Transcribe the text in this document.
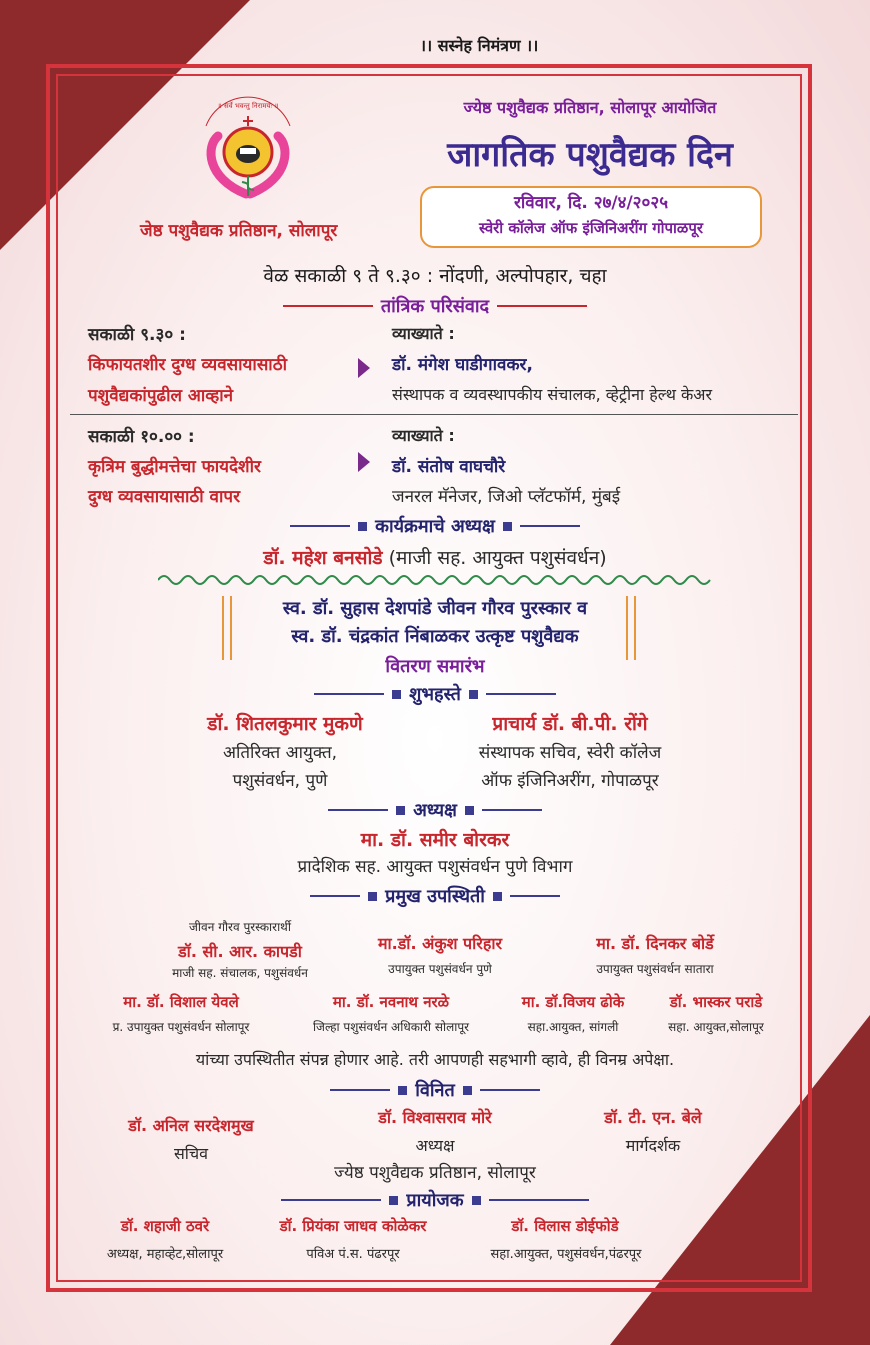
।। सस्नेह निमंत्रण ।।
॥ सर्वे भवन्तु निरामयः ॥
जेष्ठ पशुवैद्यक प्रतिष्ठान, सोलापूर
ज्येष्ठ पशुवैद्यक प्रतिष्ठान, सोलापूर आयोजित
जागतिक पशुवैद्यक दिन
रविवार, दि. २७/४/२०२५
स्वेरी कॉलेज ऑफ इंजिनिअरींग गोपाळपूर
वेळ सकाळी ९ ते ९.३० : नोंदणी, अल्पोपहार, चहा
तांत्रिक परिसंवाद
सकाळी ९.३० :
किफायतशीर दुग्ध व्यवसायासाठी
पशुवैद्यकांपुढील आव्हाने
व्याख्याते :
डॉ. मंगेश घाडीगावकर,
संस्थापक व व्यवस्थापकीय संचालक, व्हेट्रीना हेल्थ केअर
सकाळी १०.०० :
कृत्रिम बुद्धीमत्तेचा फायदेशीर
दुग्ध व्यवसायासाठी वापर
व्याख्याते :
डॉ. संतोष वाघचौरे
जनरल मॅनेजर, जिओ प्लॅटफॉर्म, मुंबई
कार्यक्रमाचे अध्यक्ष
डॉ. महेश बनसोडे (माजी सह. आयुक्त पशुसंवर्धन)
स्व. डॉ. सुहास देशपांडे जीवन गौरव पुरस्कार व
स्व. डॉ. चंद्रकांत निंबाळकर उत्कृष्ट पशुवैद्यक
वितरण समारंभ
शुभहस्ते
डॉ. शितलकुमार मुकणे
अतिरिक्त आयुक्त,
पशुसंवर्धन, पुणे
प्राचार्य डॉ. बी.पी. रोंगे
संस्थापक सचिव, स्वेरी कॉलेज
ऑफ इंजिनिअरींग, गोपाळपूर
अध्यक्ष
मा. डॉ. समीर बोरकर
प्रादेशिक सह. आयुक्त पशुसंवर्धन पुणे विभाग
प्रमुख उपस्थिती
जीवन गौरव पुरस्कारार्थी
डॉ. सी. आर. कापडी
माजी सह. संचालक, पशुसंवर्धन
मा.डॉ. अंकुश परिहार
उपायुक्त पशुसंवर्धन पुणे
मा. डॉ. दिनकर बोर्डे
उपायुक्त पशुसंवर्धन सातारा
मा. डॉ. विशाल येवले
प्र. उपायुक्त पशुसंवर्धन सोलापूर
मा. डॉ. नवनाथ नरळे
जिल्हा पशुसंवर्धन अधिकारी सोलापूर
मा. डॉ.विजय ढोके
सहा.आयुक्त, सांगली
डॉ. भास्कर पराडे
सहा. आयुक्त,सोलापूर
यांच्या उपस्थितीत संपन्न होणार आहे. तरी आपणही सहभागी व्हावे, ही विनम्र अपेक्षा.
विनित
डॉ. अनिल सरदेशमुख
सचिव
डॉ. विश्वासराव मोरे
अध्यक्ष
डॉ. टी. एन. बेले
मार्गदर्शक
ज्येष्ठ पशुवैद्यक प्रतिष्ठान, सोलापूर
प्रायोजक
डॉ. शहाजी ठवरे
अध्यक्ष, महाव्हेट,सोलापूर
डॉ. प्रियंका जाधव कोळेकर
पविअ पं.स. पंढरपूर
डॉ. विलास डोईफोडे
सहा.आयुक्त, पशुसंवर्धन,पंढरपूर
